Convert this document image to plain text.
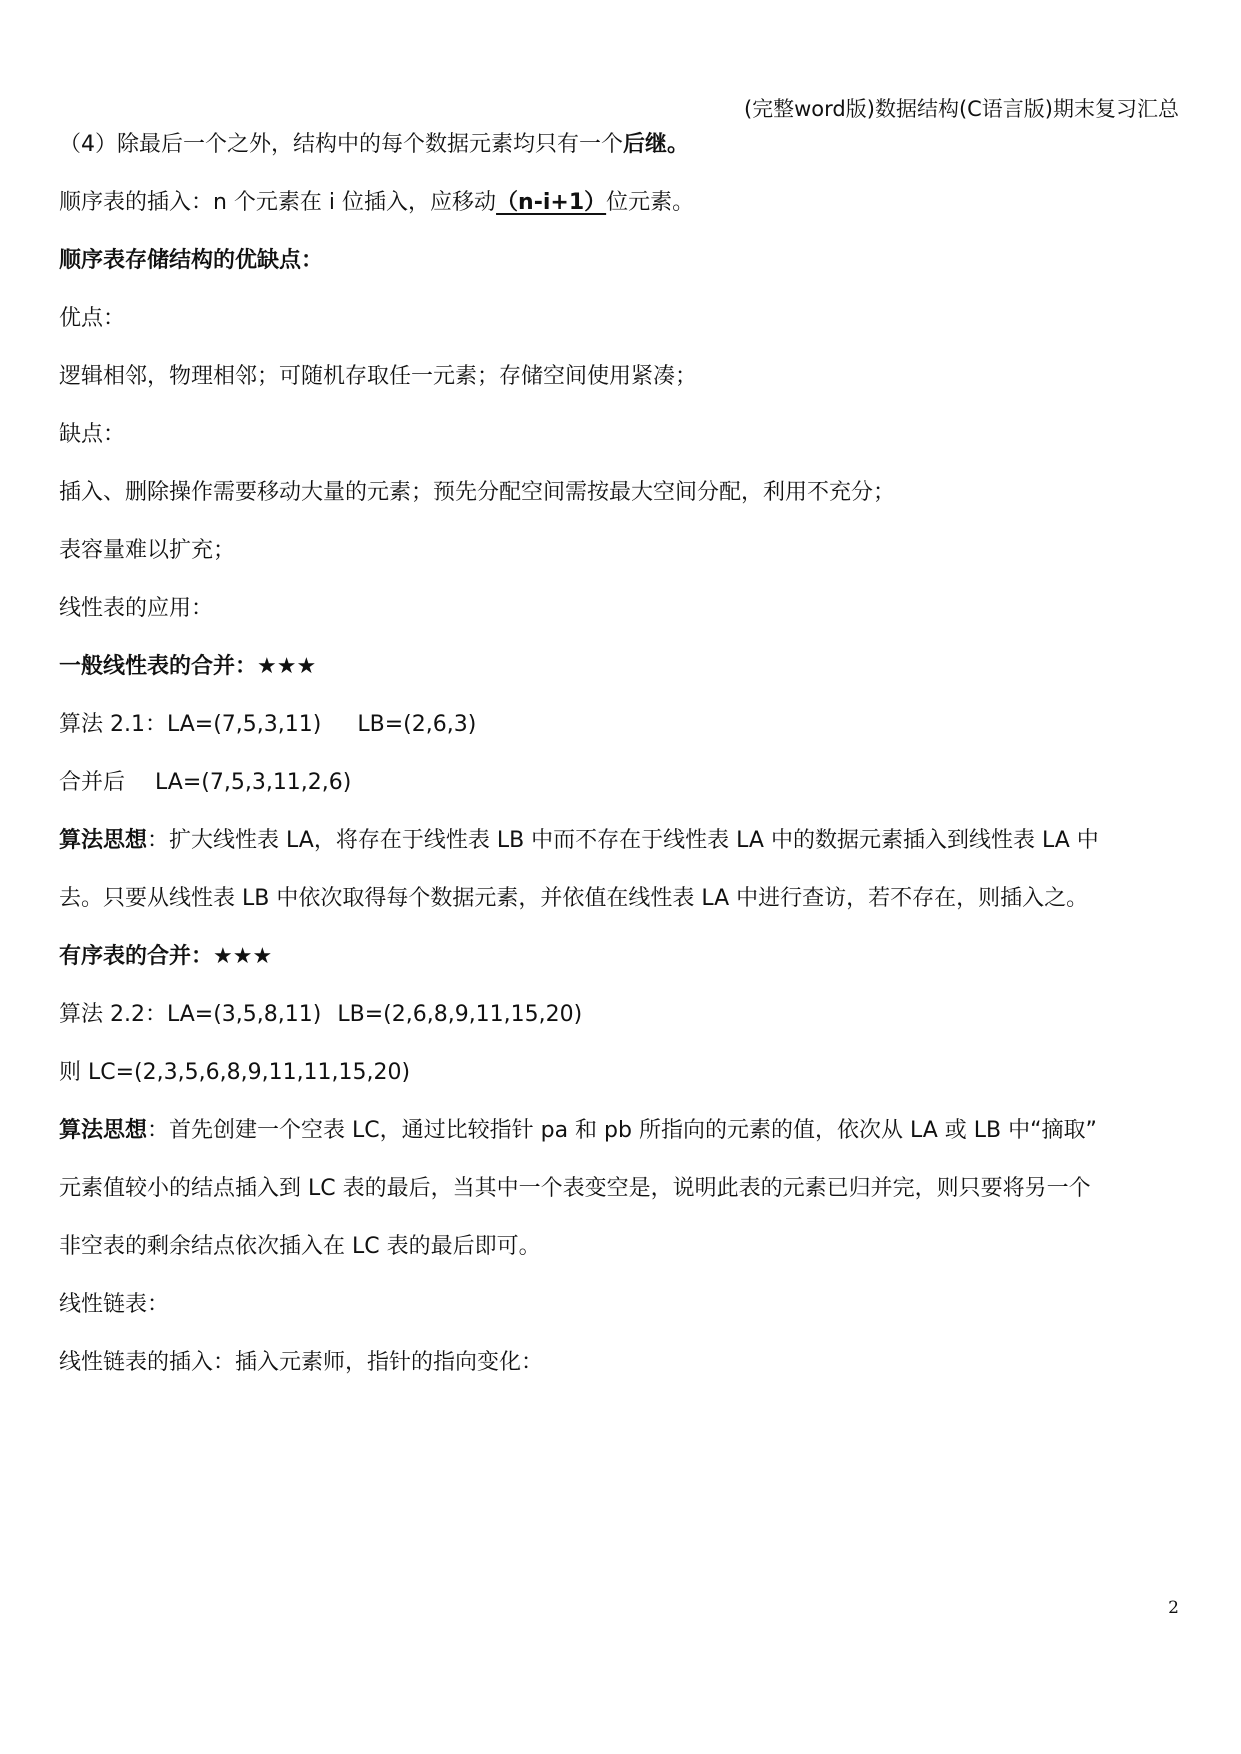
(完整word版)数据结构(C语言版)期末复习汇总
（4）除最后一个之外，结构中的每个数据元素均只有一个后继。
顺序表的插入：n 个元素在 i 位插入，应移动（n-i+1）位元素。
顺序表存储结构的优缺点：
优点：
逻辑相邻，物理相邻；可随机存取任一元素；存储空间使用紧凑；
缺点：
插入、删除操作需要移动大量的元素；预先分配空间需按最大空间分配，利用不充分；
表容量难以扩充；
线性表的应用：
一般线性表的合并：★★★
算法 2.1：LA=(7,5,3,11) LB=(2,6,3)
合并后 LA=(7,5,3,11,2,6)
算法思想：扩大线性表 LA，将存在于线性表 LB 中而不存在于线性表 LA 中的数据元素插入到线性表 LA 中
去。只要从线性表 LB 中依次取得每个数据元素，并依值在线性表 LA 中进行查访，若不存在，则插入之。
有序表的合并：★★★
算法 2.2：LA=(3,5,8,11) LB=(2,6,8,9,11,15,20)
则 LC=(2,3,5,6,8,9,11,11,15,20)
算法思想：首先创建一个空表 LC，通过比较指针 pa 和 pb 所指向的元素的值，依次从 LA 或 LB 中“摘取”
元素值较小的结点插入到 LC 表的最后，当其中一个表变空是，说明此表的元素已归并完，则只要将另一个
非空表的剩余结点依次插入在 LC 表的最后即可。
线性链表：
线性链表的插入：插入元素师，指针的指向变化：
2
